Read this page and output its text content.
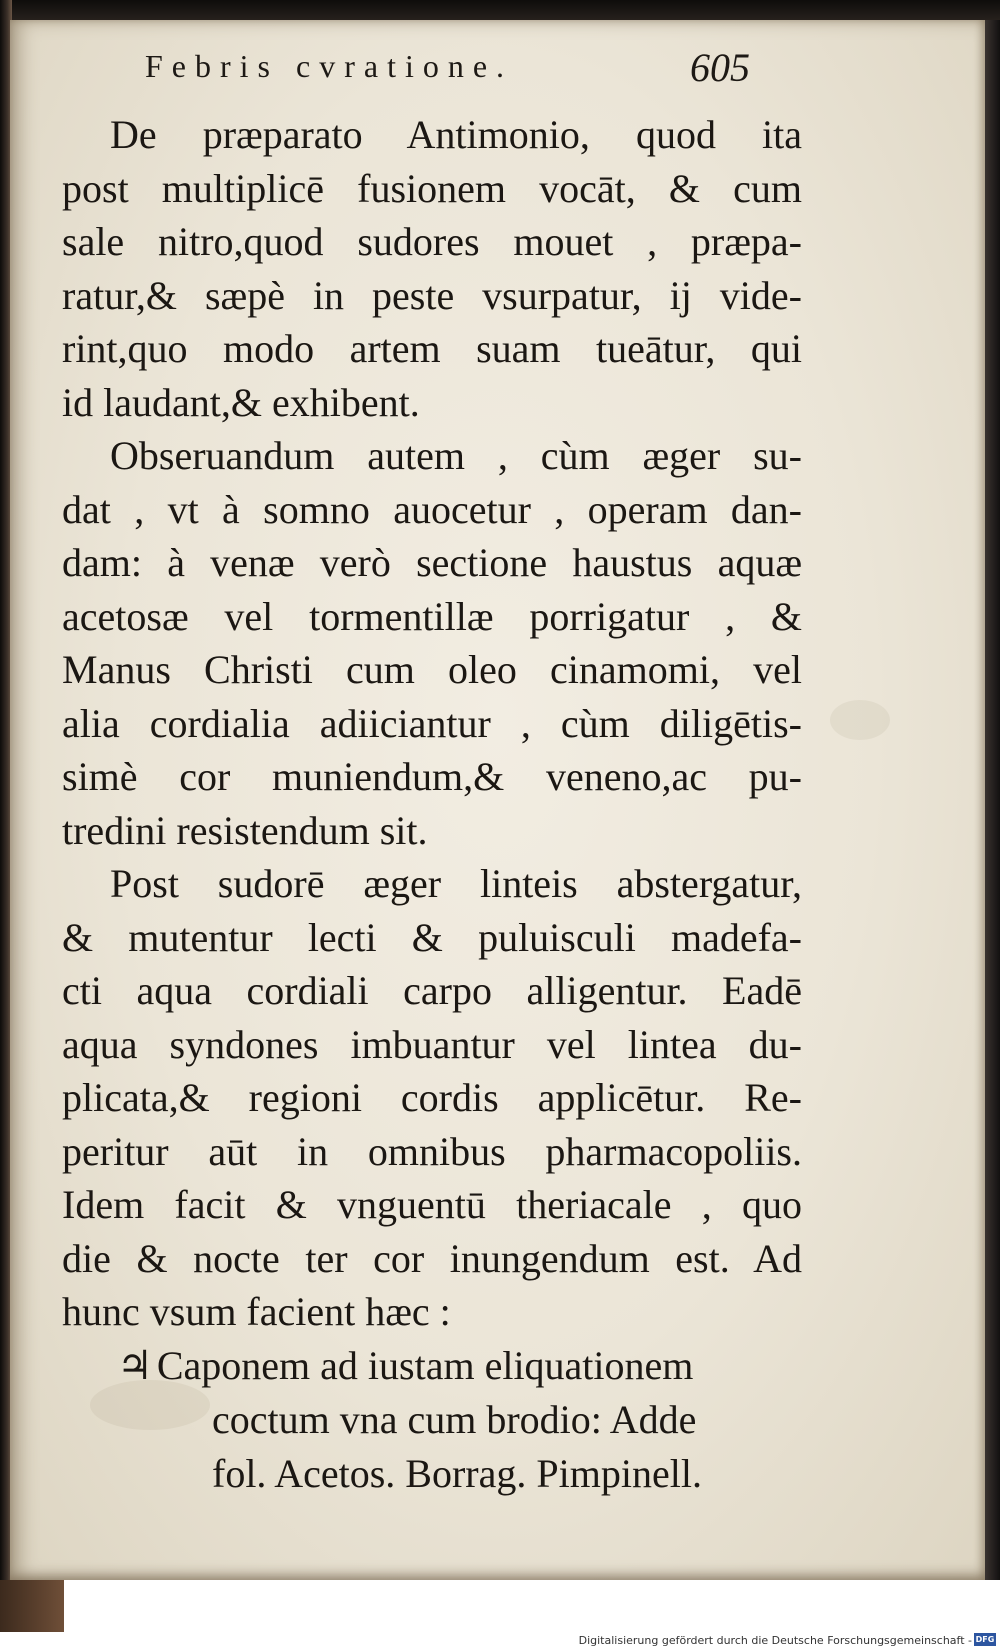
Febris cvratione.	605
De præparato Antimonio, quod ita
post multiplicē fusionem vocāt, & cum
sale nitro,quod sudores mouet , præpa-
ratur,& sæpè in peste vsurpatur, ij vide-
rint,quo modo artem suam tueātur, qui
id laudant,& exhibent.
Obseruandum autem , cùm æger su-
dat , vt à somno auocetur , operam dan-
dam: à venæ verò sectione haustus aquæ
acetosæ vel tormentillæ porrigatur , &
Manus Christi cum oleo cinamomi, vel
alia cordialia adiiciantur , cùm diligētis-
simè cor muniendum,& veneno,ac pu-
tredini resistendum sit.
Post sudorē æger linteis abstergatur,
& mutentur lecti & puluisculi madefa-
cti aqua cordiali carpo alligentur. Eadē
aqua syndones imbuantur vel lintea du-
plicata,& regioni cordis applicētur. Re-
peritur aūt in omnibus pharmacopoliis.
Idem facit & vnguentū theriacale , quo
die & nocte ter cor inungendum est. Ad
hunc vsum facient hæc :
♃ Caponem ad iustam eliquationem
coctum vna cum brodio: Adde
fol. Acetos. Borrag. Pimpinell.
Digitalisierung gefördert durch die Deutsche Forschungsgemeinschaft - DFG
